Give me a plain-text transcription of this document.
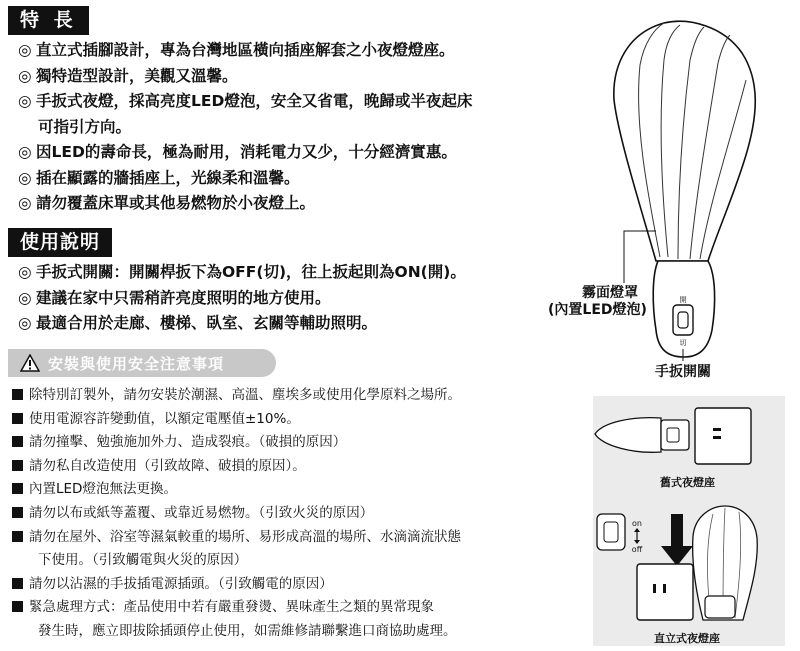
特 長
◎ 直立式插腳設計，專為台灣地區橫向插座解套之小夜燈燈座。
◎ 獨特造型設計，美觀又溫馨。
◎ 手扳式夜燈，採高亮度LED燈泡，安全又省電，晚歸或半夜起床
可指引方向。
◎ 因LED的壽命長，極為耐用，消耗電力又少，十分經濟實惠。
◎ 插在顯露的牆插座上，光線柔和溫馨。
◎ 請勿覆蓋床單或其他易燃物於小夜燈上。
使用說明
◎ 手扳式開關：開關桿扳下為OFF(切)，往上扳起則為ON(開)。
◎ 建議在家中只需稍許亮度照明的地方使用。
◎ 最適合用於走廊、樓梯、臥室、玄關等輔助照明。
安裝與使用安全注意事項
除特別訂製外，請勿安裝於潮濕、高溫、塵埃多或使用化學原料之場所。
使用電源容許變動值，以額定電壓值±10%。
請勿撞擊、勉強施加外力、造成裂痕。（破損的原因）
請勿私自改造使用（引致故障、破損的原因）。
內置LED燈泡無法更換。
請勿以布或紙等蓋覆、或靠近易燃物。（引致火災的原因）
請勿在屋外、浴室等濕氣較重的場所、易形成高溫的場所、水滴滴流狀態
下使用。（引致觸電與火災的原因）
請勿以沾濕的手拔插電源插頭。（引致觸電的原因）
緊急處理方式：產品使用中若有嚴重發燙、異味產生之類的異常現象
發生時，應立即拔除插頭停止使用，如需維修請聯繫進口商協助處理。
開
切
霧面燈罩
(內置LED燈泡)
手扳開關
on
off
舊式夜燈座
直立式夜燈座
